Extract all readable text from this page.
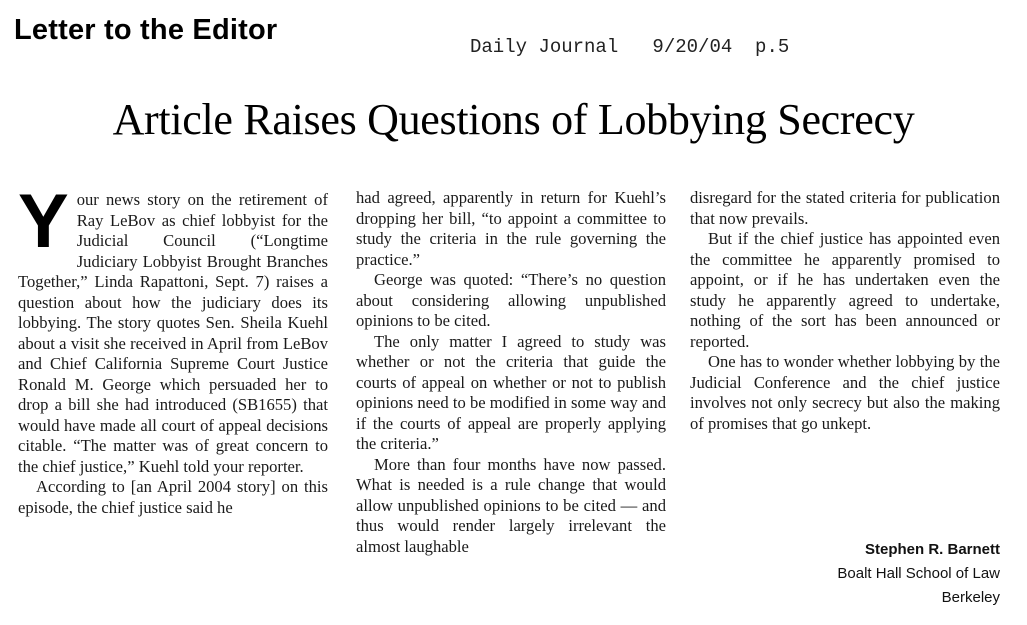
Letter to the Editor
Daily Journal   9/20/04  p.5
Article Raises Questions of Lobbying Secrecy

Your news story on the retirement of Ray LeBov as chief lobbyist for the Judicial Council (“Longtime Judiciary Lobbyist Brought Branches Together,” Linda Rapattoni, Sept. 7) raises a question about how the judiciary does its lobbying. The story quotes Sen. Sheila Kuehl about a visit she received in April from LeBov and Chief California Supreme Court Justice Ronald M. George which persuaded her to drop a bill she had introduced (SB1655) that would have made all court of appeal decisions citable. “The matter was of great concern to the chief justice,” Kuehl told your reporter.

According to [an April 2004 story] on this episode, the chief justice said he

had agreed, apparently in return for Kuehl’s dropping her bill, “to appoint a committee to study the criteria in the rule governing the practice.”

George was quoted: “There’s no question about considering allowing unpublished opinions to be cited.

The only matter I agreed to study was whether or not the criteria that guide the courts of appeal on whether or not to publish opinions need to be modified in some way and if the courts of appeal are properly applying the criteria.”

More than four months have now passed. What is needed is a rule change that would allow unpublished opinions to be cited — and thus would render largely irrelevant the almost laughable

disregard for the stated criteria for publication that now prevails.

But if the chief justice has appointed even the committee he apparently promised to appoint, or if he has undertaken even the study he apparently agreed to undertake, nothing of the sort has been announced or reported.

One has to wonder whether lobbying by the Judicial Conference and the chief justice involves not only secrecy but also the making of promises that go unkept.

Stephen R. Barnett
Boalt Hall School of Law
Berkeley
